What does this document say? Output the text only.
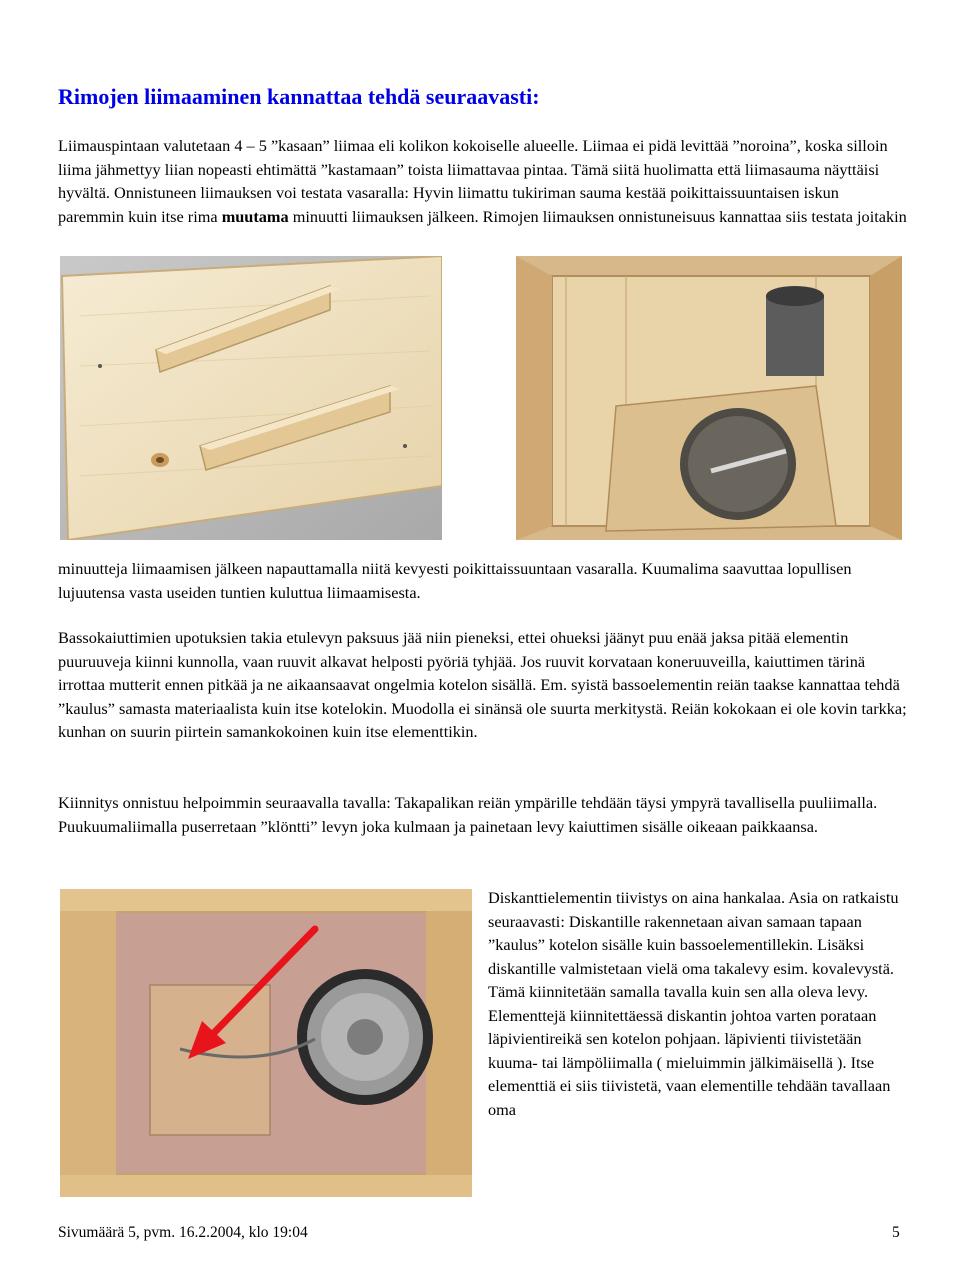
Rimojen liimaaminen kannattaa tehdä seuraavasti:

Liimauspintaan valutetaan 4 – 5 ”kasaan” liimaa eli kolikon kokoiselle alueelle. Liimaa ei pidä levittää ”noroina”, koska silloin liima jähmettyy liian nopeasti ehtimättä ”kastamaan” toista liimattavaa pintaa. Tämä siitä huolimatta että liimasauma näyttäisi hyvältä. Onnistuneen liimauksen voi testata vasaralla: Hyvin liimattu tukiriman sauma kestää poikittaissuuntaisen iskun paremmin kuin itse rima muutama minuutti liimauksen jälkeen. Rimojen liimauksen onnistuneisuus kannattaa siis testata joitakin

minuutteja liimaamisen jälkeen napauttamalla niitä kevyesti poikittaissuuntaan vasaralla. Kuumalima saavuttaa lopullisen lujuutensa vasta useiden tuntien kuluttua liimaamisesta.

Bassokaiuttimien upotuksien takia etulevyn paksuus jää niin pieneksi, ettei ohueksi jäänyt puu enää jaksa pitää elementin puuruuveja kiinni kunnolla, vaan ruuvit alkavat helposti pyöriä tyhjää. Jos ruuvit korvataan koneruuveilla, kaiuttimen tärinä irrottaa mutterit ennen pitkää ja ne aikaansaavat ongelmia kotelon sisällä. Em. syistä bassoelementin reiän taakse kannattaa tehdä ”kaulus” samasta materiaalista kuin itse kotelokin. Muodolla ei sinänsä ole suurta merkitystä. Reiän kokokaan ei ole kovin tarkka; kunhan on suurin piirtein samankokoinen kuin itse elementtikin.

Kiinnitys onnistuu helpoimmin seuraavalla tavalla: Takapalikan reiän ympärille tehdään täysi ympyrä tavallisella puuliimalla. Puukuumaliimalla puserretaan ”klöntti” levyn joka kulmaan ja painetaan levy kaiuttimen sisälle oikeaan paikkaansa.

Diskanttielementin tiivistys on aina hankalaa. Asia on ratkaistu seuraavasti: Diskantille rakennetaan aivan samaan tapaan ”kaulus” kotelon sisälle kuin bassoelementillekin. Lisäksi diskantille valmistetaan vielä oma takalevy esim. kovalevystä. Tämä kiinnitetään samalla tavalla kuin sen alla oleva levy. Elementtejä kiinnitettäessä diskantin johtoa varten porataan läpivientireikä sen kotelon pohjaan. läpivienti tiivistetään kuuma- tai lämpöliimalla ( mieluimmin jälkimäisellä ). Itse elementtiä ei siis tiivistetä, vaan elementille tehdään tavallaan oma

Sivumäärä 5, pvm. 16.2.2004, klo 19:04	5
